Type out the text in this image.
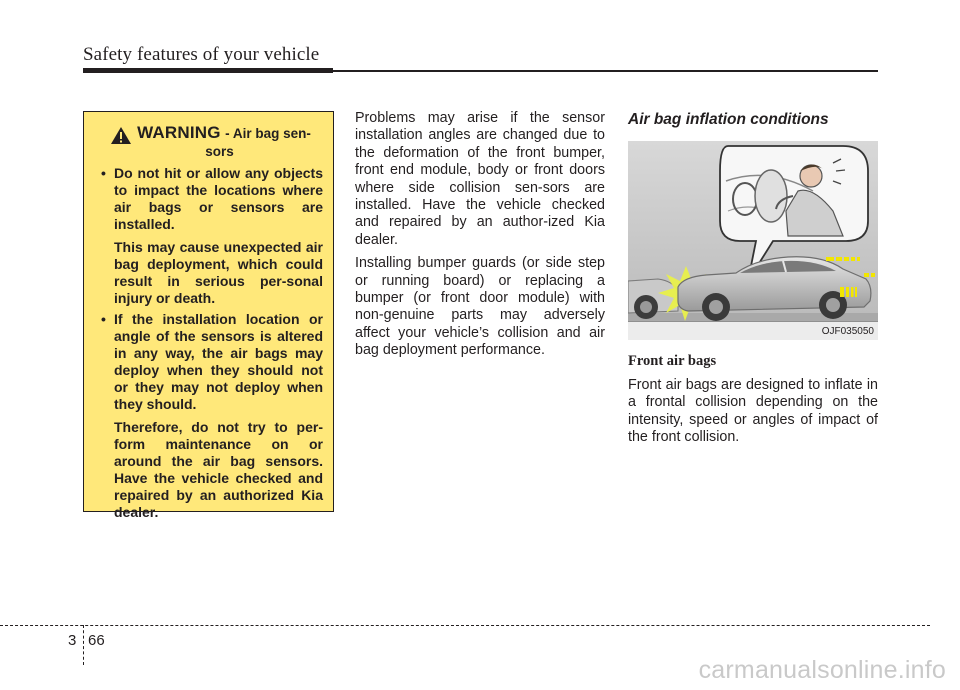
Safety features of your vehicle
WARNING - Air bag sen-
sors
• Do not hit or allow any objects to impact the locations where air bags or sensors are installed.

This may cause unexpected air bag deployment, which could result in serious per-sonal injury or death.

• If the installation location or angle of the sensors is altered in any way, the air bags may deploy when they should not or they may not deploy when they should.

Therefore, do not try to per-form maintenance on or around the air bag sensors. Have the vehicle checked and repaired by an authorized Kia dealer.

Problems may arise if the sensor installation angles are changed due to the deformation of the front bumper, front end module, body or front doors where side collision sen-sors are installed. Have the vehicle checked and repaired by an author-ized Kia dealer.

Installing bumper guards (or side step or running board) or replacing a bumper (or front door module) with non-genuine parts may adversely affect your vehicle’s collision and air bag deployment performance.

Air bag inflation conditions
OJF035050
Front air bags

Front air bags are designed to inflate in a frontal collision depending on the intensity, speed or angles of impact of the front collision.

3 66
carmanualsonline.info
